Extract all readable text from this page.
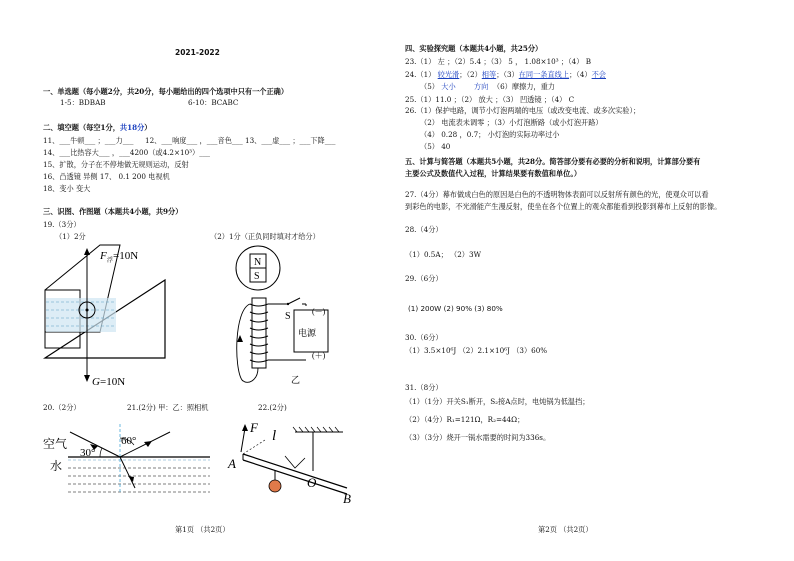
2021-2022
一、单选题（每小题2分，共20分，每小题给出的四个选项中只有一个正确）
1-5：BDBAB	6-10：BCABC
二、填空题（每空1分，共18分）
11、___牛顿___ ；___力___ 12、___响度___ ，___音色___ 13、___虚___ ；___下降___
14、___比热容大___ ，___4200（或4.2×10³）___
15、扩散，分子在不停地做无规则运动，反射
16、凸透镜 异侧 17、 0.1 200 电视机
18、变小 变大
三、识图、作图题（本题共4小题，共9分）
19.（3分）
（1）2分	（2）1分（正负同时填对才给分）
F 浮 =10N
G =10N
N
S
S	(－)
电源
(＋)
乙
20.（2分）	21.(2分) 甲：乙：照相机	22.(2分)
空气
水
60°
30°
F
l
A
O
B
第1页 （共2页）
四、实验探究题（本题共4小题，共25分）
23.（1） 左 ；（2）5.4 ；（3） 5 ， 1.08×10³ ；（4） B
24.（1） 较光滑；（2）相等；（3）在同一条直线上；（4）不会
（5） 大小	方向 （6）摩擦力，重力
25.（1）11.0 ；（2） 放大 ；（3） 凹透镜 ；（4） C
26.（1）保护电路，调节小灯泡两端的电压（或改变电流、或多次实验）；
（2） 电流表未调零 ；（3）小灯泡断路（或小灯泡开路）
（4） 0.28 ，0.7； 小灯泡的实际功率过小
（5） 40
五、计算与简答题（本题共5小题，共28分。简答部分要有必要的分析和说明，计算部分要有
主要公式及数值代入过程，计算结果要有数值和单位。）
27.（4分）幕布做成白色的原因是白色的不透明物体表面可以反射所有颜色的光，使观众可以看
到彩色的电影，不光滑能产生漫反射，使坐在各个位置上的观众都能看到投影到幕布上反射的影像。
28.（4分）
（1）0.5A； （2）3W
29.（6分）
(1) 200W (2) 90% (3) 80%
30.（6分）
（1）3.5×10⁶J （2）2.1×10⁶J （3）60%
31.（8分）
（1）（1分）开关S₁断开，S₂接A点时，电炖锅为低温挡；
（2）（4分）R₁=121Ω，R₂=44Ω；
（3）（3分）烧开一锅水需要的时间为336s。
第2页 （共2页）
